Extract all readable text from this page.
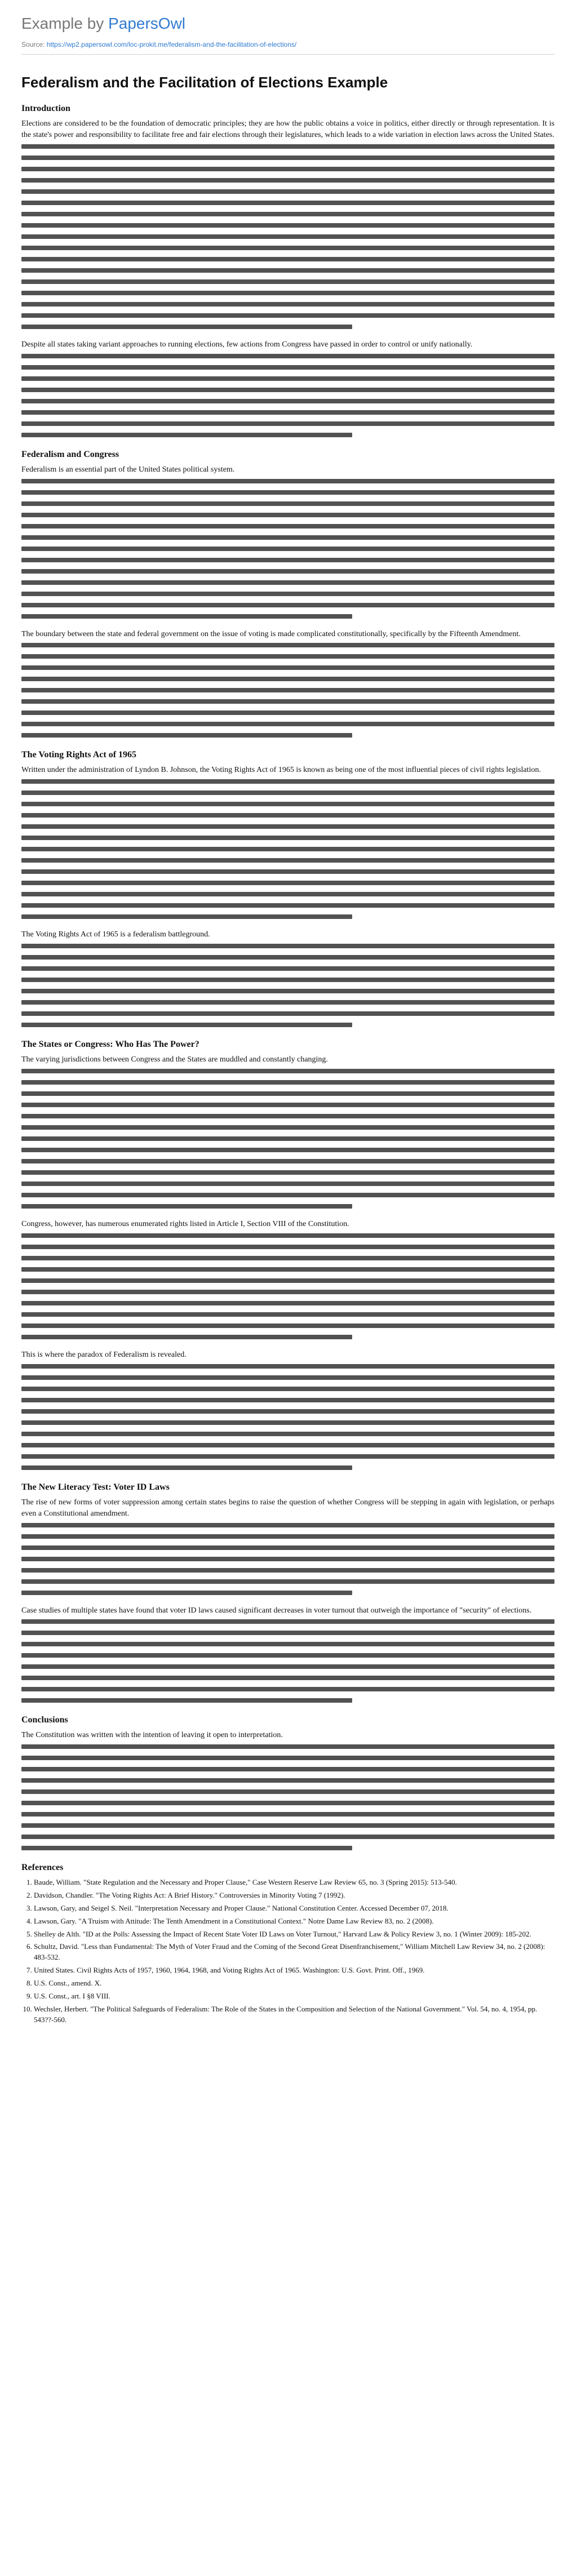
Example by PapersOwl
Source: https://wp2.papersowl.com/loc-prokit.me/federalism-and-the-facilitation-of-elections/
Federalism and the Facilitation of Elections Example
Introduction

Elections are considered to be the foundation of democratic principles; they are how the public obtains a voice in politics, either directly or through representation. It is the state's power and responsibility to facilitate free and fair elections through their legislatures, which leads to a wide variation in election laws across the United States.

Despite all states taking variant approaches to running elections, few actions from Congress have passed in order to control or unify nationally.

Federalism and Congress

Federalism is an essential part of the United States political system.

The boundary between the state and federal government on the issue of voting is made complicated constitutionally, specifically by the Fifteenth Amendment.

The Voting Rights Act of 1965

Written under the administration of Lyndon B. Johnson, the Voting Rights Act of 1965 is known as being one of the most influential pieces of civil rights legislation.

The Voting Rights Act of 1965 is a federalism battleground.

The States or Congress: Who Has The Power?

The varying jurisdictions between Congress and the States are muddled and constantly changing.

Congress, however, has numerous enumerated rights listed in Article I, Section VIII of the Constitution.

This is where the paradox of Federalism is revealed.

The New Literacy Test: Voter ID Laws

The rise of new forms of voter suppression among certain states begins to raise the question of whether Congress will be stepping in again with legislation, or perhaps even a Constitutional amendment.

Case studies of multiple states have found that voter ID laws caused significant decreases in voter turnout that outweigh the importance of "security" of elections.

Conclusions

The Constitution was written with the intention of leaving it open to interpretation.

References
1. Baude, William. "State Regulation and the Necessary and Proper Clause," Case Western Reserve Law Review 65, no. 3 (Spring 2015): 513-540.
2. Davidson, Chandler. "The Voting Rights Act: A Brief History." Controversies in Minority Voting 7 (1992).
3. Lawson, Gary, and Seigel S. Neil. "Interpretation Necessary and Proper Clause." National Constitution Center. Accessed December 07, 2018.
4. Lawson, Gary. "A Truism with Attitude: The Tenth Amendment in a Constitutional Context." Notre Dame Law Review 83, no. 2 (2008).
5. Shelley de Alth. "ID at the Polls: Assessing the Impact of Recent State Voter ID Laws on Voter Turnout," Harvard Law & Policy Review 3, no. 1 (Winter 2009): 185-202.
6. Schultz, David. "Less than Fundamental: The Myth of Voter Fraud and the Coming of the Second Great Disenfranchisement," William Mitchell Law Review 34, no. 2 (2008): 483-532.
7. United States. Civil Rights Acts of 1957, 1960, 1964, 1968, and Voting Rights Act of 1965. Washington: U.S. Govt. Print. Off., 1969.
8. U.S. Const., amend. X.
9. U.S. Const., art. I §8 VIII.
10. Wechsler, Herbert. "The Political Safeguards of Federalism: The Role of the States in the Composition and Selection of the National Government." Vol. 54, no. 4, 1954, pp. 543??-560.
